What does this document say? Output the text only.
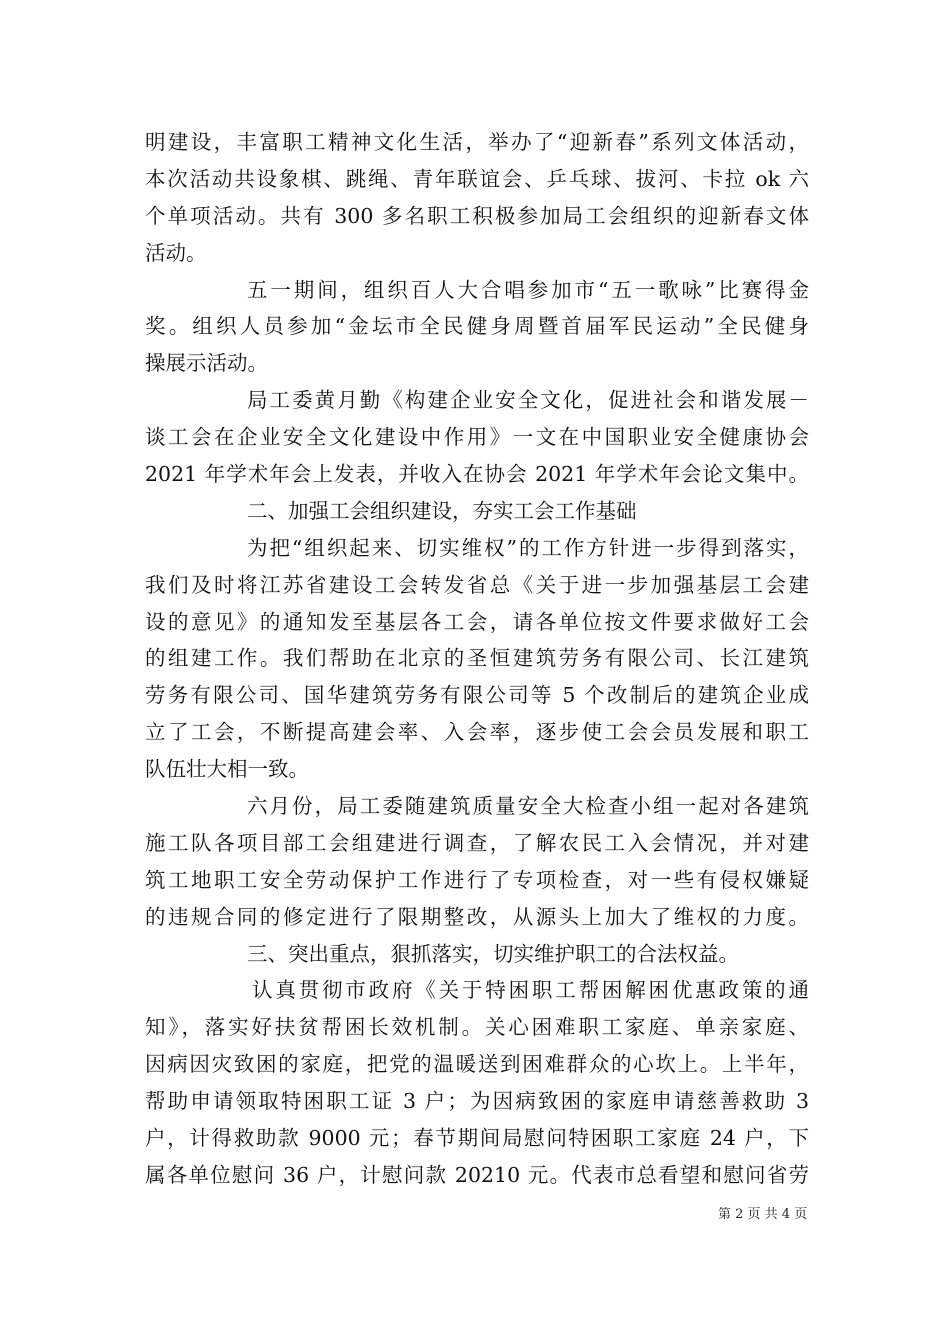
明建设，丰富职工精神文化生活，举办了“迎新春”系列文体活动，
本次活动共设象棋、跳绳、青年联谊会、乒乓球、拔河、卡拉 ok 六
个单项活动。共有 300 多名职工积极参加局工会组织的迎新春文体
活动。
五一期间，组织百人大合唱参加市“五一歌咏”比赛得金
奖。组织人员参加“金坛市全民健身周暨首届军民运动”全民健身
操展示活动。
局工委黄月勤《构建企业安全文化，促进社会和谐发展－
谈工会在企业安全文化建设中作用》一文在中国职业安全健康协会
2021 年学术年会上发表，并收入在协会 2021 年学术年会论文集中。
二、加强工会组织建设，夯实工会工作基础
为把“组织起来、切实维权”的工作方针进一步得到落实，
我们及时将江苏省建设工会转发省总《关于进一步加强基层工会建
设的意见》的通知发至基层各工会，请各单位按文件要求做好工会
的组建工作。我们帮助在北京的圣恒建筑劳务有限公司、长江建筑
劳务有限公司、国华建筑劳务有限公司等 5 个改制后的建筑企业成
立了工会，不断提高建会率、入会率，逐步使工会会员发展和职工
队伍壮大相一致。
六月份，局工委随建筑质量安全大检查小组一起对各建筑
施工队各项目部工会组建进行调查，了解农民工入会情况，并对建
筑工地职工安全劳动保护工作进行了专项检查，对一些有侵权嫌疑
的违规合同的修定进行了限期整改，从源头上加大了维权的力度。
三、突出重点，狠抓落实，切实维护职工的合法权益。
认真贯彻市政府《关于特困职工帮困解困优惠政策的通
知》，落实好扶贫帮困长效机制。关心困难职工家庭、单亲家庭、
因病因灾致困的家庭，把党的温暖送到困难群众的心坎上。上半年，
帮助申请领取特困职工证 3 户；为因病致困的家庭申请慈善救助 3
户，计得救助款 9000 元；春节期间局慰问特困职工家庭 24 户，下
属各单位慰问 36 户，计慰问款 20210 元。代表市总看望和慰问省劳
第 2 页 共 4 页
